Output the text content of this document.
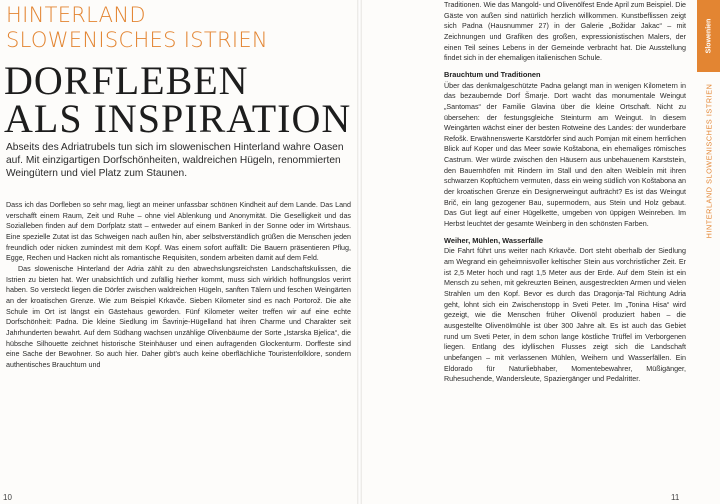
HINTERLAND
SLOWENISCHES ISTRIEN
DORFLEBEN
ALS INSPIRATION
Abseits des Adriatrubels tun sich im slowenischen Hinterland wahre Oasen auf. Mit einzigartigen Dorfschönheiten, waldreichen Hügeln, renommierten Weingütern und viel Platz zum Staunen.

Dass ich das Dorfleben so sehr mag, liegt an meiner unfassbar schönen Kindheit auf dem Lande. Das Land verschafft einem Raum, Zeit und Ruhe – ohne viel Ablenkung und Anonymität. Die Geselligkeit und das Sozialleben finden auf dem Dorfplatz statt – entweder auf einem Bankerl in der Sonne oder im Wirtshaus. Eine spezielle Zutat ist das Schweigen nach außen hin, aber selbstverständlich grüßen die Menschen jeden freundlich oder nicken zumindest mit dem Kopf. Was einem sofort auffällt: Die Bauern präsentieren Pflug, Egge, Rechen und Hacken nicht als romantische Requisiten, sondern arbeiten damit auf dem Feld.

Das slowenische Hinterland der Adria zählt zu den abwechslungsreichsten Landschaftskulissen, die Istrien zu bieten hat. Wer unabsichtlich und zufällig hierher kommt, muss sich wirklich hoffnungslos verirrt haben. So versteckt liegen die Dörfer zwischen waldreichen Hügeln, sanften Tälern und feschen Weingärten an der kroatischen Grenze. Wie zum Beispiel Krkavče. Sieben Kilometer sind es nach Portorož. Die alte Schule im Ort ist längst ein Gästehaus geworden. Fünf Kilometer weiter treffen wir auf eine echte Dorfschönheit: Padna. Die kleine Siedlung im Šavrinje-Hügelland hat ihren Charme und Charakter seit Jahrhunderten bewahrt. Auf dem Südhang wachsen unzählige Olivenbäume der Sorte „Istarska Bjelica“, die hübsche Silhouette zeichnet historische Steinhäuser und einen aufragenden Glockenturm. Dorffeste sind eine Sache der Bewohner. So auch hier. Daher gibt’s auch keine oberflächliche Touristenfolklore, sondern authentisches Brauchtum und

10

Traditionen. Wie das Mangold- und Olivenölfest Ende April zum Beispiel. Die Gäste von außen sind natürlich herzlich willkommen. Kunstbeflissen zeigt sich Padna (Hausnummer 27) in der Galerie „Božidar Jakac“ – mit Zeichnungen und Grafiken des großen, expressionistischen Malers, der einen Teil seines Lebens in der Gemeinde verbracht hat. Die Ausstellung findet sich in der ehemaligen italienischen Schule.

Brauchtum und Traditionen

Über das denkmalgeschützte Padna gelangt man in wenigen Kilometern in das bezaubernde Dorf Šmarje. Dort wacht das monumentale Weingut „Santomas“ der Familie Glavina über die kleine Ortschaft. Nicht zu übersehen: der festungsgleiche Steinturm am Weingut. In diesem Weingärten wächst einer der besten Rotweine des Landes: der wunderbare Refošk. Erwähnenswerte Karstdörfer sind auch Pomjan mit einem herrlichen Blick auf Koper und das Meer sowie Koštabona, ein ehemaliges römisches Castrum. Wer würde zwischen den Häusern aus unbehauenem Karststein, den Bauernhöfen mit Rindern im Stall und den alten Weibleín mit ihren schwarzen Kopftüchern vermuten, dass ein weing südlich von Koštabona an der kroatischen Grenze ein Designerweingut aufträcht? Es ist das Weingut Brič, ein lang gezogener Bau, supermodern, aus Stein und Holz gebaut. Das Gut liegt auf einer Hügelkette, umgeben von üppigen Weinreben. Im Herbst leuchtet der gesamte Weinberg in den schönsten Farben.

Weiher, Mühlen, Wasserfälle

Die Fahrt führt uns weiter nach Krkavče. Dort steht oberhalb der Siedlung am Wegrand ein geheimnisvoller keltischer Stein aus vorchristlicher Zeit. Er ist 2,5 Meter hoch und ragt 1,5 Meter aus der Erde. Auf dem Stein ist ein Mensch zu sehen, mit gekreuzten Beinen, ausgestreckten Armen und vielen Strahlen um den Kopf. Bevor es durch das Dragonja-Tal Richtung Adria geht, lohnt sich ein Zwischenstopp in Sveti Peter. Im „Tonina Hisa“ wird gezeigt, wie die Menschen früher Olivenöl produziert haben – die ausgestellte Olivenölmühle ist über 300 Jahre alt. Es ist auch das Gebiet rund um Sveti Peter, in dem schon lange köstliche Trüffel im Verborgenen liegen. Entlang des idyllischen Flusses zeigt sich die Landschaft unbefangen – mit verlassenen Mühlen, Weihern und Wasserfällen. Ein Eldorado für Naturliebhaber, Momentebewahrer, Müßigänger, Ruhesuchende, Wandersleute, Spaziergänger und Pedalritter.

Slowenien
HINTERLAND SLOWENISCHES ISTRIEN
11
